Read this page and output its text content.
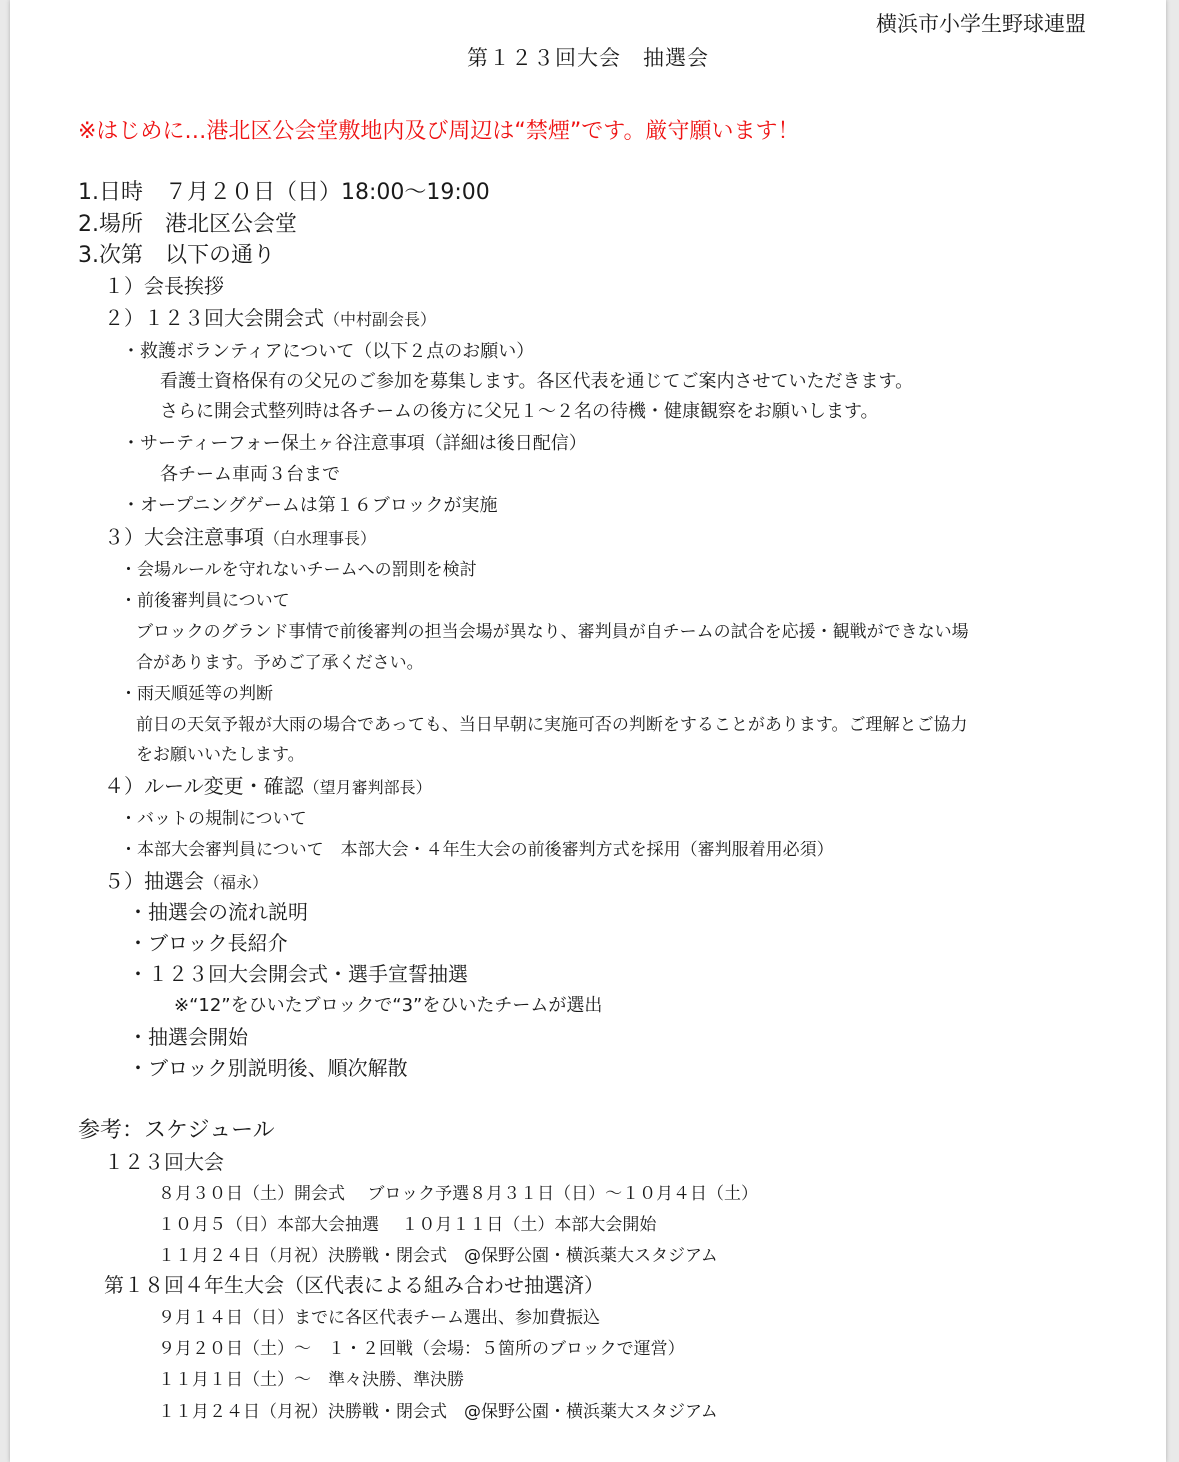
横浜市小学生野球連盟
第１２３回大会　抽選会
※はじめに…港北区公会堂敷地内及び周辺は“禁煙”です。厳守願います！
1.日時　７月２０日（日）18:00〜19:00
2.場所　港北区公会堂
3.次第　以下の通り
１）会長挨拶
２）１２３回大会開会式（中村副会長）
・救護ボランティアについて（以下２点のお願い）
看護士資格保有の父兄のご参加を募集します。各区代表を通じてご案内させていただきます。
さらに開会式整列時は各チームの後方に父兄１〜２名の待機・健康観察をお願いします。
・サーティーフォー保土ヶ谷注意事項（詳細は後日配信）
各チーム車両３台まで
・オープニングゲームは第１６ブロックが実施
３）大会注意事項（白水理事長）
・会場ルールを守れないチームへの罰則を検討
・前後審判員について
ブロックのグランド事情で前後審判の担当会場が異なり、審判員が自チームの試合を応援・観戦ができない場
合があります。予めご了承ください。
・雨天順延等の判断
前日の天気予報が大雨の場合であっても、当日早朝に実施可否の判断をすることがあります。ご理解とご協力
をお願いいたします。
４）ルール変更・確認（望月審判部長）
・バットの規制について
・本部大会審判員について　本部大会・４年生大会の前後審判方式を採用（審判服着用必須）
５）抽選会（福永）
・抽選会の流れ説明
・ブロック長紹介
・１２３回大会開会式・選手宣誓抽選
※“12”をひいたブロックで“3”をひいたチームが選出
・抽選会開始
・ブロック別説明後、順次解散
参考：スケジュール
１２３回大会
８月３０日（土）開会式　 ブロック予選８月３１日（日）〜１０月４日（土）
１０月５（日）本部大会抽選　 １０月１１日（土）本部大会開始
１１月２４日（月祝）決勝戦・閉会式　@保野公園・横浜薬大スタジアム
第１８回４年生大会（区代表による組み合わせ抽選済）
９月１４日（日）までに各区代表チーム選出、参加費振込
９月２０日（土）〜　１・２回戦（会場：５箇所のブロックで運営）
１１月１日（土）〜　準々決勝、準決勝
１１月２４日（月祝）決勝戦・閉会式　@保野公園・横浜薬大スタジアム
